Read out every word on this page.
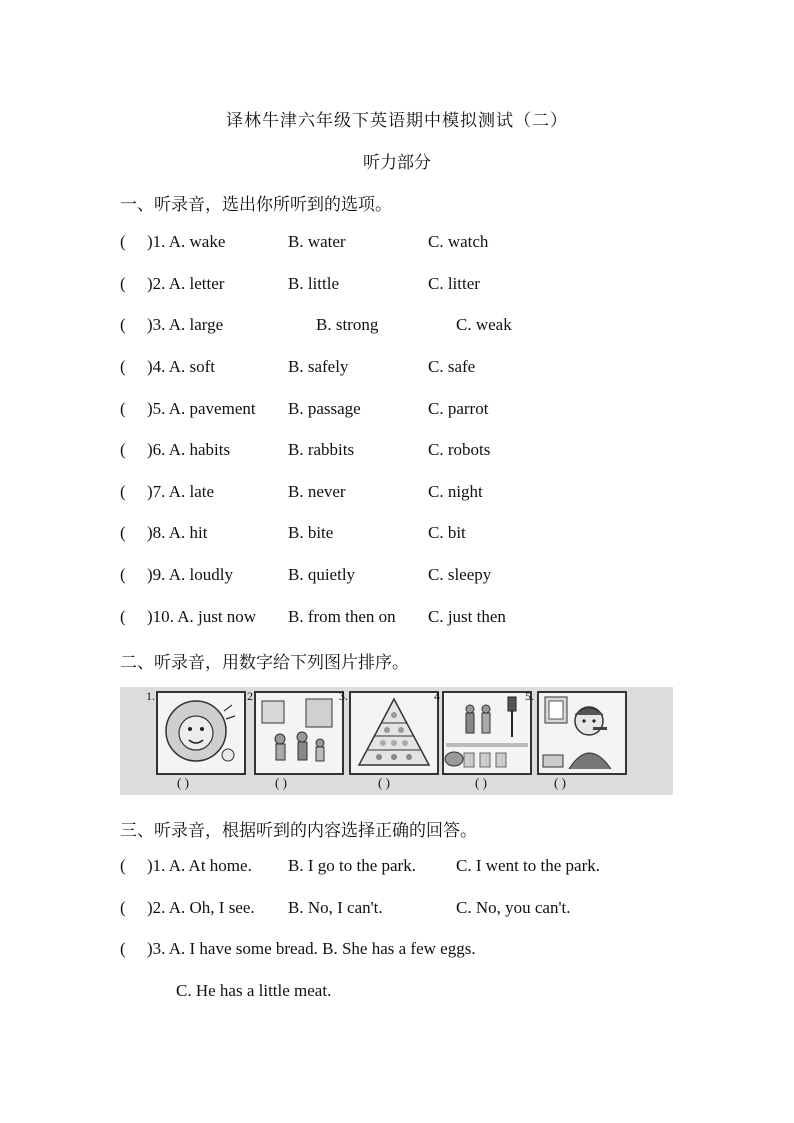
译林牛津六年级下英语期中模拟测试（二）
听力部分
一、听录音，选出你所听到的选项。
( )1. A. wake	B. water	C. watch
( )2. A. letter	B. little	C. litter
( )3. A. large	B. strong	C. weak
( )4. A. soft	B. safely	C. safe
( )5. A. pavement B. passage	C. parrot
( )6. A. habits	B. rabbits	C. robots
( )7. A. late	B. never	C. night
( )8. A. hit	B. bite	C. bit
( )9. A. loudly	B. quietly	C. sleepy
( )10. A. just now B. from then on C. just then
二、听录音，用数字给下列图片排序。
1.
( )
2
( )
3.
( )
4
( )
5.
( )
三、听录音，根据听到的内容选择正确的回答。
( )1. A. At home. B. I go to the park. C. I went to the park.
( )2. A. Oh, I see. B. No, I can't.	C. No, you can't.
( )3. A. I have some bread. B. She has a few eggs.
C. He has a little meat.
